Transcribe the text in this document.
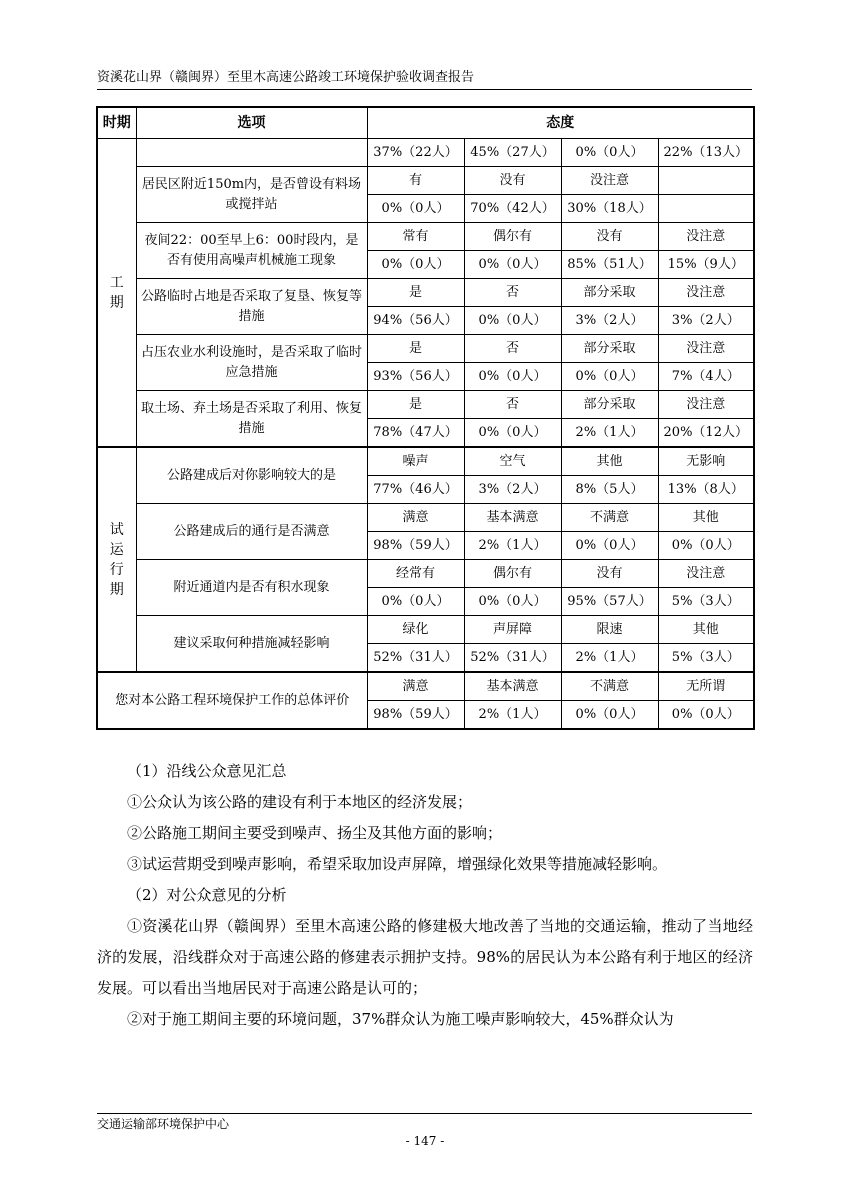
资溪花山界（赣闽界）至里木高速公路竣工环境保护验收调查报告
时期	选项	态度			

工
期		37%（22人）	45%（27人）	0%（0人）	22%（13人）
	居民区附近150m内，是否曾设有料场或搅拌站	有	没有	没注意	
		0%（0人）	70%（42人）	30%（18人）	
	夜间22：00至早上6：00时段内，是否有使用高噪声机械施工现象	常有	偶尔有	没有	没注意
		0%（0人）	0%（0人）	85%（51人）	15%（9人）
	公路临时占地是否采取了复垦、恢复等措施	是	否	部分采取	没注意
		94%（56人）	0%（0人）	3%（2人）	3%（2人）
	占压农业水利设施时，是否采取了临时应急措施	是	否	部分采取	没注意
		93%（56人）	0%（0人）	0%（0人）	7%（4人）
	取土场、弃土场是否采取了利用、恢复措施	是	否	部分采取	没注意
		78%（47人）	0%（0人）	2%（1人）	20%（12人）

试
运
行
期	公路建成后对你影响较大的是	噪声	空气	其他	无影响
		77%（46人）	3%（2人）	8%（5人）	13%（8人）
	公路建成后的通行是否满意	满意	基本满意	不满意	其他
		98%（59人）	2%（1人）	0%（0人）	0%（0人）
	附近通道内是否有积水现象	经常有	偶尔有	没有	没注意
		0%（0人）	0%（0人）	95%（57人）	5%（3人）
	建议采取何种措施减轻影响	绿化	声屏障	限速	其他
		52%（31人）	52%（31人）	2%（1人）	5%（3人）
您对本公路工程环境保护工作的总体评价		满意	基本满意	不满意	无所谓
		98%（59人）	2%（1人）	0%（0人）	0%（0人）

（1）沿线公众意见汇总

①公众认为该公路的建设有利于本地区的经济发展；

②公路施工期间主要受到噪声、扬尘及其他方面的影响；

③试运营期受到噪声影响，希望采取加设声屏障，增强绿化效果等措施减轻影响。

（2）对公众意见的分析

①资溪花山界（赣闽界）至里木高速公路的修建极大地改善了当地的交通运输，推动了当地经济的发展，沿线群众对于高速公路的修建表示拥护支持。98%的居民认为本公路有利于地区的经济发展。可以看出当地居民对于高速公路是认可的；

②对于施工期间主要的环境问题，37%群众认为施工噪声影响较大，45%群众认为

交通运输部环境保护中心
- 147 -
